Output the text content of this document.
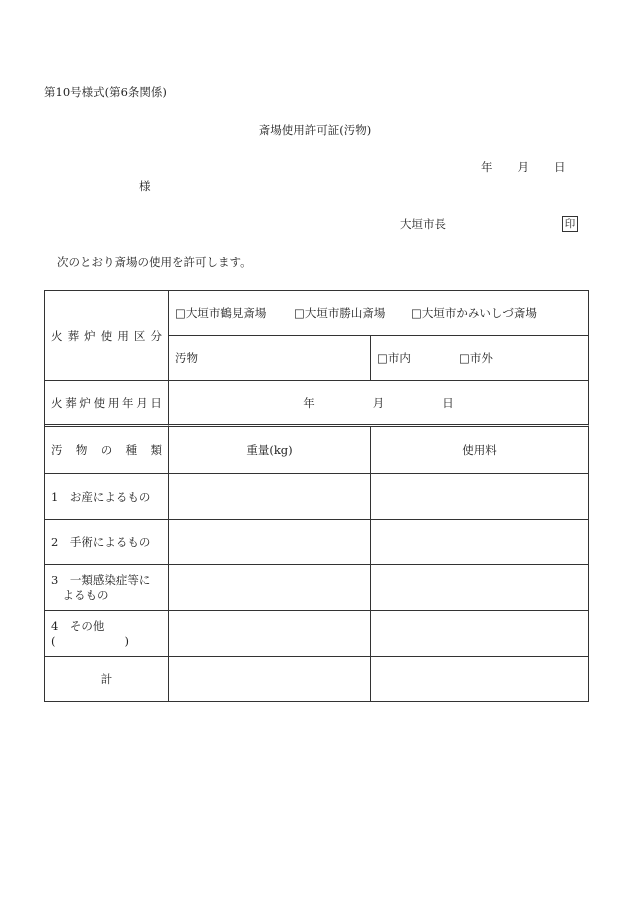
第10号様式(第6条関係)
斎場使用許可証(汚物)
年 月 日
様
大垣市長	印
次のとおり斎場の使用を許可します。
火 葬 炉 使 用 区 分
□大垣市鶴見斎場	□大垣市勝山斎場	□大垣市かみいしづ斎場
汚物	□市内	□市外
火 葬 炉 使 用 年 月 日	年	月	日
汚 物 の 種 類	重量(kg)	使用料
1　お産によるもの
2　手術によるもの
3　一類感染症等に
　よるもの
4　その他
(　　　　　　)
計
